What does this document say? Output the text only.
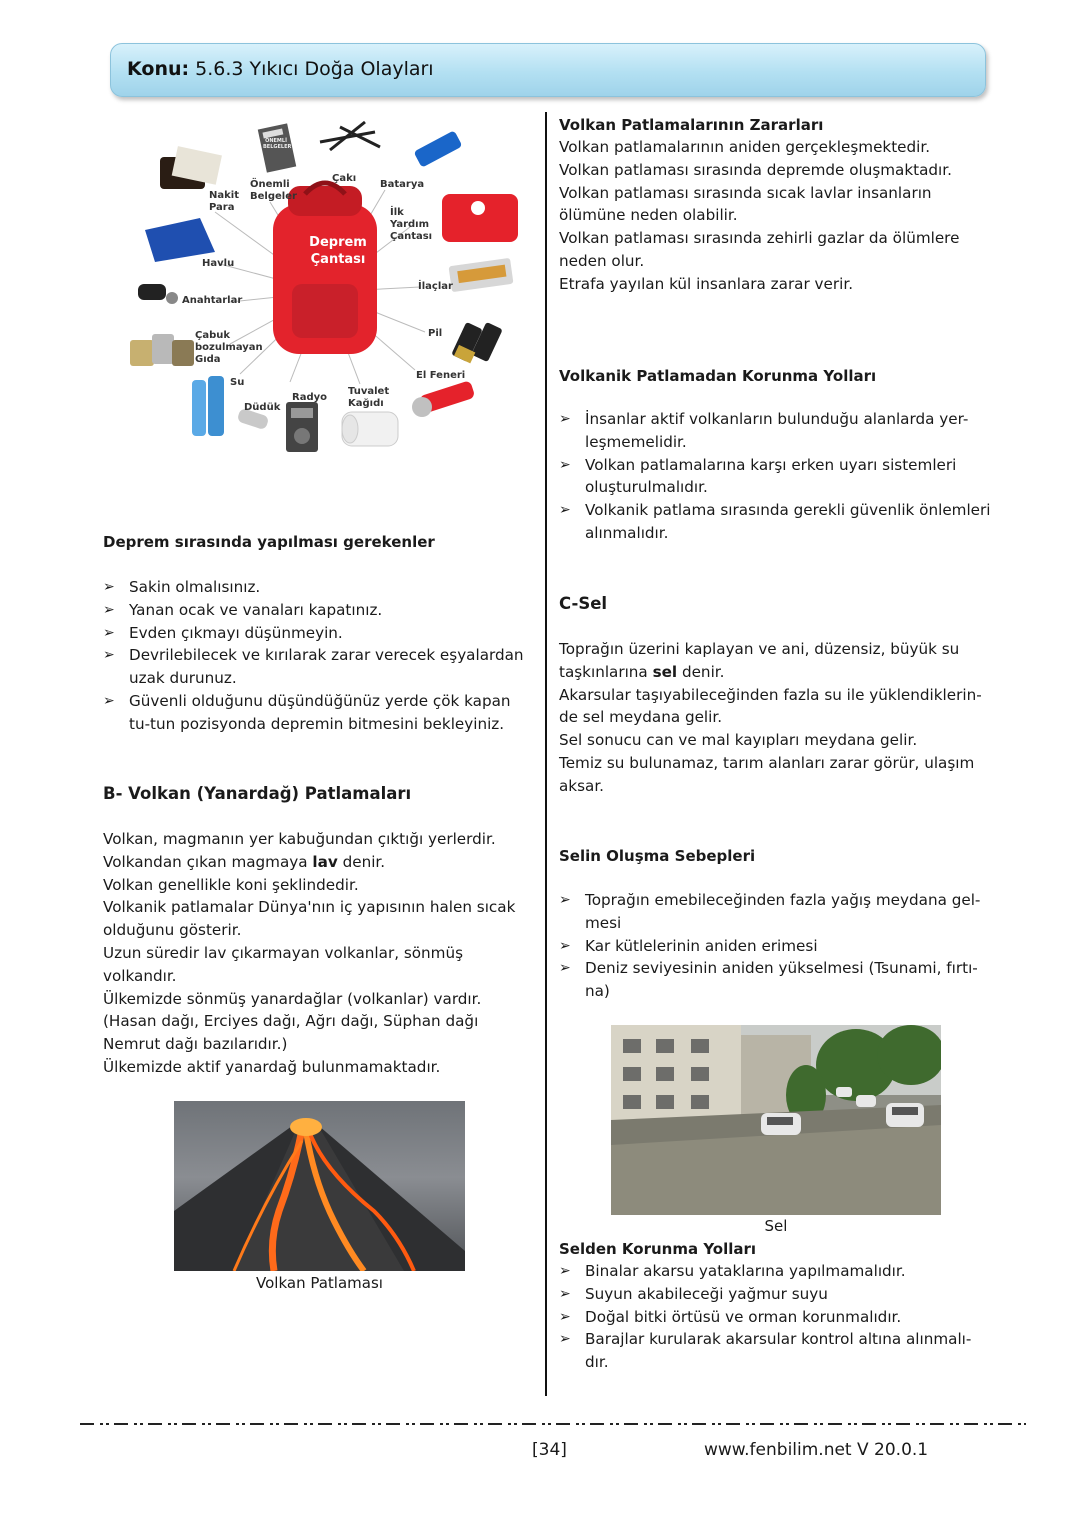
Konu: 5.6.3 Yıkıcı Doğa Olayları
Deprem Çantası
Nakit Para
Önemli Belgeler
Çakı
Batarya
İlk Yardım Çantası
Havlu
Anahtarlar
İlaçlar
Çabuk bozulmayan Gıda
Pil
Su
Radyo
Tuvalet Kağıdı
El Feneri
Düdük
ÖNEMLİ BELGELER
Deprem sırasında yapılması gerekenler
➢ Sakin olmalısınız.
➢ Yanan ocak ve vanaları kapatınız.
➢ Evden çıkmayı düşünmeyin.
➢ Devrilebilecek ve kırılarak zarar verecek eşyalardan uzak durunuz.
➢ Güvenli olduğunu düşündüğünüz yerde çök kapan tu-tun pozisyonda depremin bitmesini bekleyiniz.
B- Volkan (Yanardağ) Patlamaları

Volkan, magmanın yer kabuğundan çıktığı yerlerdir.

Volkandan çıkan magmaya lav denir.

Volkan genellikle koni şeklindedir.

Volkanik patlamalar Dünya'nın iç yapısının halen sıcak olduğunu gösterir.

Uzun süredir lav çıkarmayan volkanlar, sönmüş volkandır.

Ülkemizde sönmüş yanardağlar (volkanlar) vardır. (Hasan dağı, Erciyes dağı, Ağrı dağı, Süphan dağı Nemrut dağı bazılarıdır.)

Ülkemizde aktif yanardağ bulunmamaktadır.

Volkan Patlaması
Volkan Patlamalarının Zararları

Volkan patlamalarının aniden gerçekleşmektedir.

Volkan patlaması sırasında depremde oluşmaktadır.

Volkan patlaması sırasında sıcak lavlar insanların ölümüne neden olabilir.

Volkan patlaması sırasında zehirli gazlar da ölümlere neden olur.

Etrafa yayılan kül insanlara zarar verir.

Volkanik Patlamadan Korunma Yolları
➢ İnsanlar aktif volkanların bulunduğu alanlarda yer-leşmemelidir.
➢ Volkan patlamalarına karşı erken uyarı sistemleri oluşturulmalıdır.
➢ Volkanik patlama sırasında gerekli güvenlik önlemleri alınmalıdır.
C-Sel

Toprağın üzerini kaplayan ve ani, düzensiz, büyük su taşkınlarına sel denir.

Akarsular taşıyabileceğinden fazla su ile yüklendiklerin-de sel meydana gelir.

Sel sonucu can ve mal kayıpları meydana gelir.

Temiz su bulunamaz, tarım alanları zarar görür, ulaşım aksar.

Selin Oluşma Sebepleri
➢ Toprağın emebileceğinden fazla yağış meydana gel-mesi
➢ Kar kütlelerinin aniden erimesi
➢ Deniz seviyesinin aniden yükselmesi (Tsunami, fırtı-na)
Sel
Selden Korunma Yolları
➢ Binalar akarsu yataklarına yapılmamalıdır.
➢ Suyun akabileceği yağmur suyu
➢ Doğal bitki örtüsü ve orman korunmalıdır.
➢ Barajlar kurularak akarsular kontrol altına alınmalı-dır.
[34]	www.fenbilim.net V 20.0.1
